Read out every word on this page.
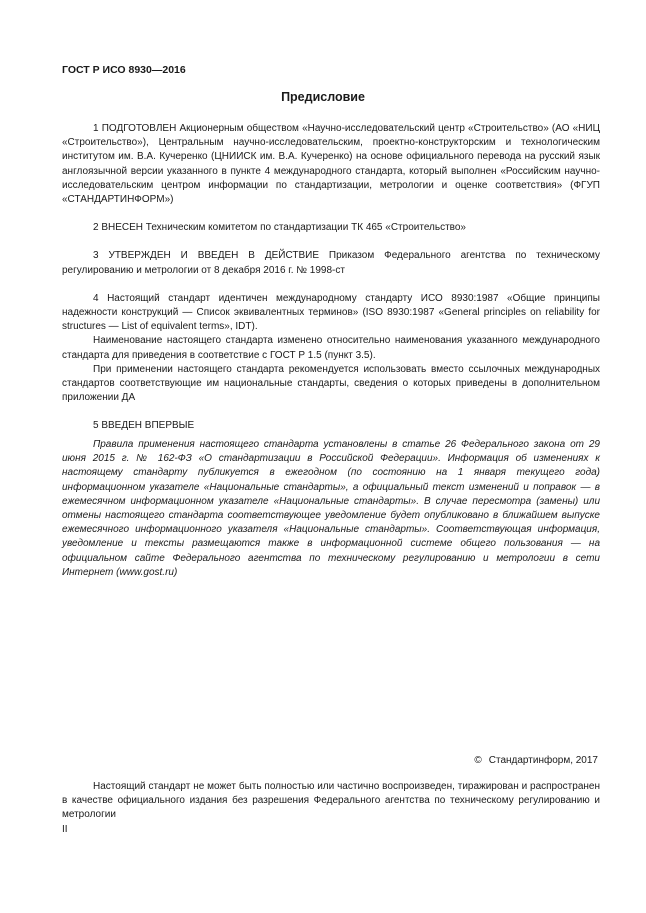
ГОСТ Р ИСО 8930—2016
Предисловие

1 ПОДГОТОВЛЕН Акционерным обществом «Научно-исследовательский центр «Строительство» (АО «НИЦ «Строительство»), Центральным научно-исследовательским, проектно-конструкторским и технологическим институтом им. В.А. Кучеренко (ЦНИИСК им. В.А. Кучеренко) на основе официального перевода на русский язык англоязычной версии указанного в пункте 4 международного стандарта, который выполнен «Российским научно-исследовательским центром информации по стандартизации, метрологии и оценке соответствия» (ФГУП «СТАНДАРТИНФОРМ»)

2 ВНЕСЕН Техническим комитетом по стандартизации ТК 465 «Строительство»

3 УТВЕРЖДЕН И ВВЕДЕН В ДЕЙСТВИЕ Приказом Федерального агентства по техническому регулированию и метрологии от 8 декабря 2016 г. № 1998-ст

4 Настоящий стандарт идентичен международному стандарту ИСО 8930:1987 «Общие принципы надежности конструкций — Список эквивалентных терминов» (ISO 8930:1987 «General principles on reliability for structures — List of equivalent terms», IDT).

Наименование настоящего стандарта изменено относительно наименования указанного международного стандарта для приведения в соответствие с ГОСТ Р 1.5 (пункт 3.5).

При применении настоящего стандарта рекомендуется использовать вместо ссылочных международных стандартов соответствующие им национальные стандарты, сведения о которых приведены в дополнительном приложении ДА

5 ВВЕДЕН ВПЕРВЫЕ

Правила применения настоящего стандарта установлены в статье 26 Федерального закона от 29 июня 2015 г. № 162-ФЗ «О стандартизации в Российской Федерации». Информация об изменениях к настоящему стандарту публикуется в ежегодном (по состоянию на 1 января текущего года) информационном указателе «Национальные стандарты», а официальный текст изменений и поправок — в ежемесячном информационном указателе «Национальные стандарты». В случае пересмотра (замены) или отмены настоящего стандарта соответствующее уведомление будет опубликовано в ближайшем выпуске ежемесячного информационного указателя «Национальные стандарты». Соответствующая информация, уведомление и тексты размещаются также в информационной системе общего пользования — на официальном сайте Федерального агентства по техническому регулированию и метрологии в сети Интернет (www.gost.ru)

© Стандартинформ, 2017

Настоящий стандарт не может быть полностью или частично воспроизведен, тиражирован и распространен в качестве официального издания без разрешения Федерального агентства по техническому регулированию и метрологии

II
